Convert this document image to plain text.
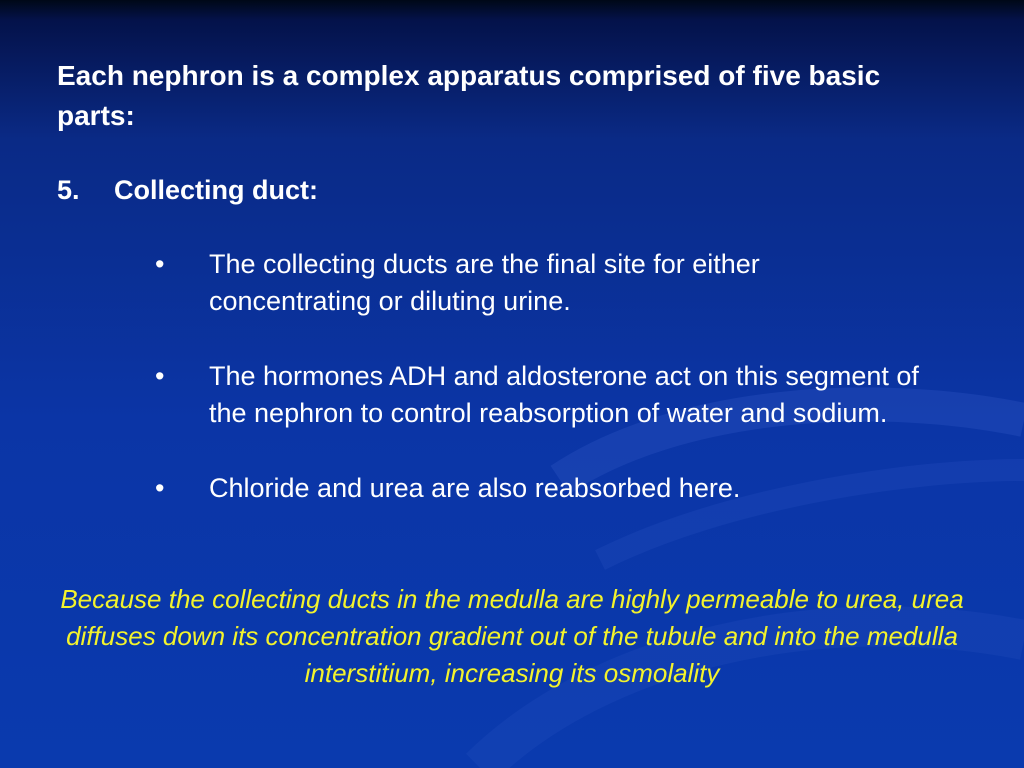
Each nephron is a complex apparatus comprised of five basic parts:
5. Collecting duct:
•	The collecting ducts are the final site for either concentrating or diluting urine.
•	The hormones ADH and aldosterone act on this segment of the nephron to control reabsorption of water and sodium.
•	Chloride and urea are also reabsorbed here.
Because the collecting ducts in the medulla are highly permeable to urea, urea diffuses down its concentration gradient out of the tubule and into the medulla interstitium, increasing its osmolality
